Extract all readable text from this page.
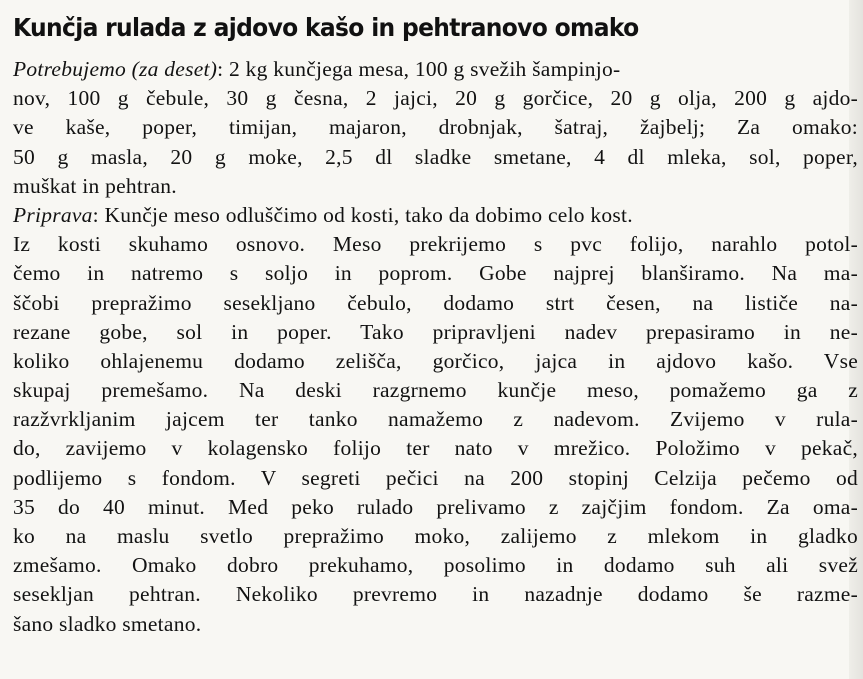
Kunčja rulada z ajdovo kašo in pehtranovo omako
Potrebujemo (za deset): 2 kg kunčjega mesa, 100 g svežih šampinjo-
nov, 100 g čebule, 30 g česna, 2 jajci, 20 g gorčice, 20 g olja, 200 g ajdo-
ve kaše, poper, timijan, majaron, drobnjak, šatraj, žajbelj; Za omako:
50 g masla, 20 g moke, 2,5 dl sladke smetane, 4 dl mleka, sol, poper,
muškat in pehtran.
Priprava: Kunčje meso odluščimo od kosti, tako da dobimo celo kost.
Iz kosti skuhamo osnovo. Meso prekrijemo s pvc folijo, narahlo potol-
čemo in natremo s soljo in poprom. Gobe najprej blanširamo. Na ma-
ščobi prepražimo sesekljano čebulo, dodamo strt česen, na lističe na-
rezane gobe, sol in poper. Tako pripravljeni nadev prepasiramo in ne-
koliko ohlajenemu dodamo zelišča, gorčico, jajca in ajdovo kašo. Vse
skupaj premešamo. Na deski razgrnemo kunčje meso, pomažemo ga z
razžvrkljanim jajcem ter tanko namažemo z nadevom. Zvijemo v rula-
do, zavijemo v kolagensko folijo ter nato v mrežico. Položimo v pekač,
podlijemo s fondom. V segreti pečici na 200 stopinj Celzija pečemo od
35 do 40 minut. Med peko rulado prelivamo z zajčjim fondom. Za oma-
ko na maslu svetlo prepražimo moko, zalijemo z mlekom in gladko
zmešamo. Omako dobro prekuhamo, posolimo in dodamo suh ali svež
sesekljan pehtran. Nekoliko prevremo in nazadnje dodamo še razme-
šano sladko smetano.
